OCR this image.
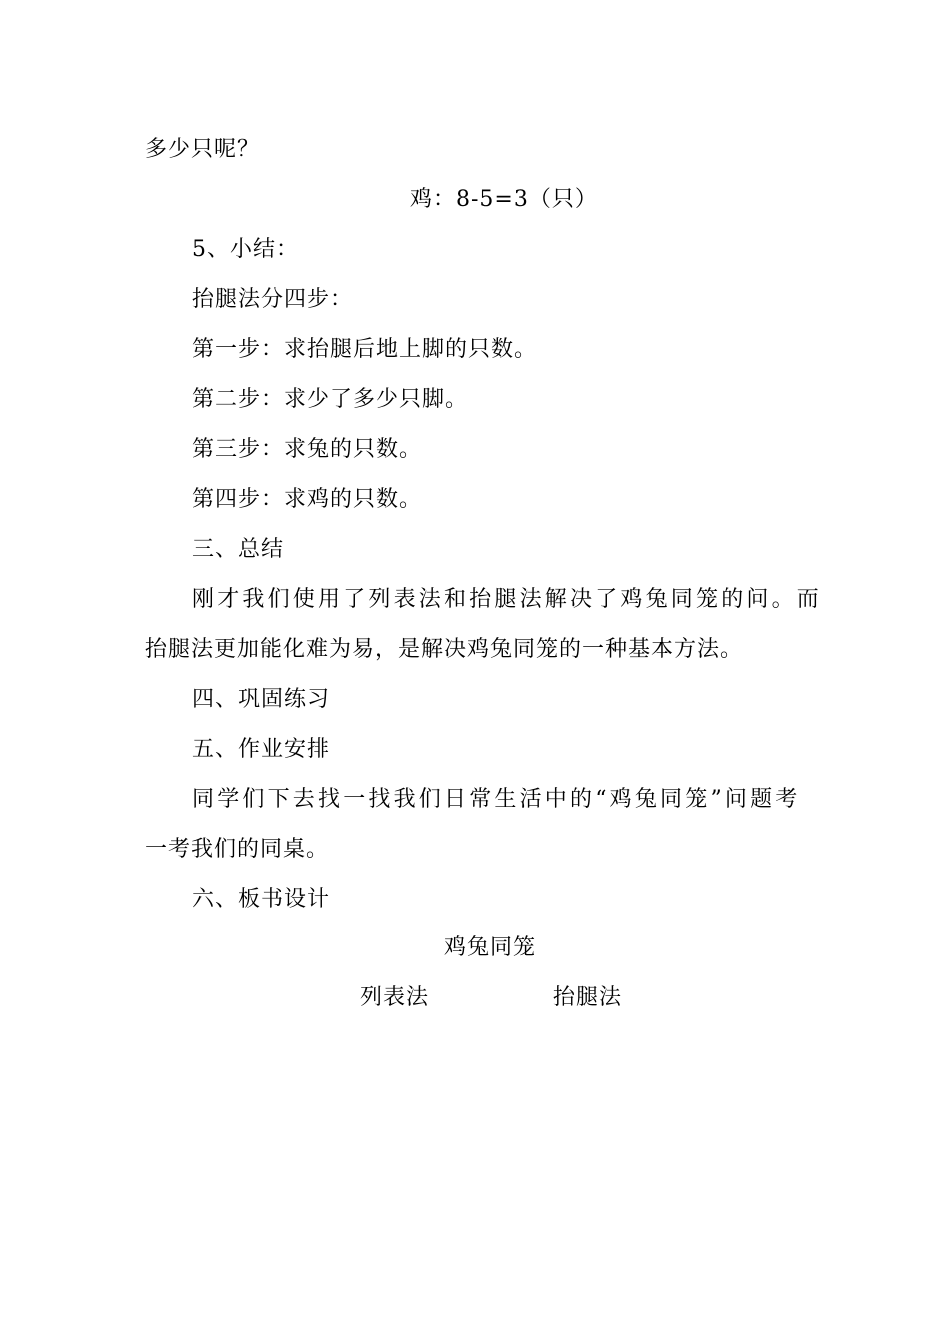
多少只呢？
鸡：8-5=3（只）
5、小结：
抬腿法分四步：
第一步：求抬腿后地上脚的只数。
第二步：求少了多少只脚。
第三步：求兔的只数。
第四步：求鸡的只数。
三、总结
刚才我们使用了列表法和抬腿法解决了鸡兔同笼的问。而
抬腿法更加能化难为易，是解决鸡兔同笼的一种基本方法。
四、巩固练习
五、作业安排
同学们下去找一找我们日常生活中的“鸡兔同笼”问题考
一考我们的同桌。
六、板书设计
鸡兔同笼
列表法	抬腿法
